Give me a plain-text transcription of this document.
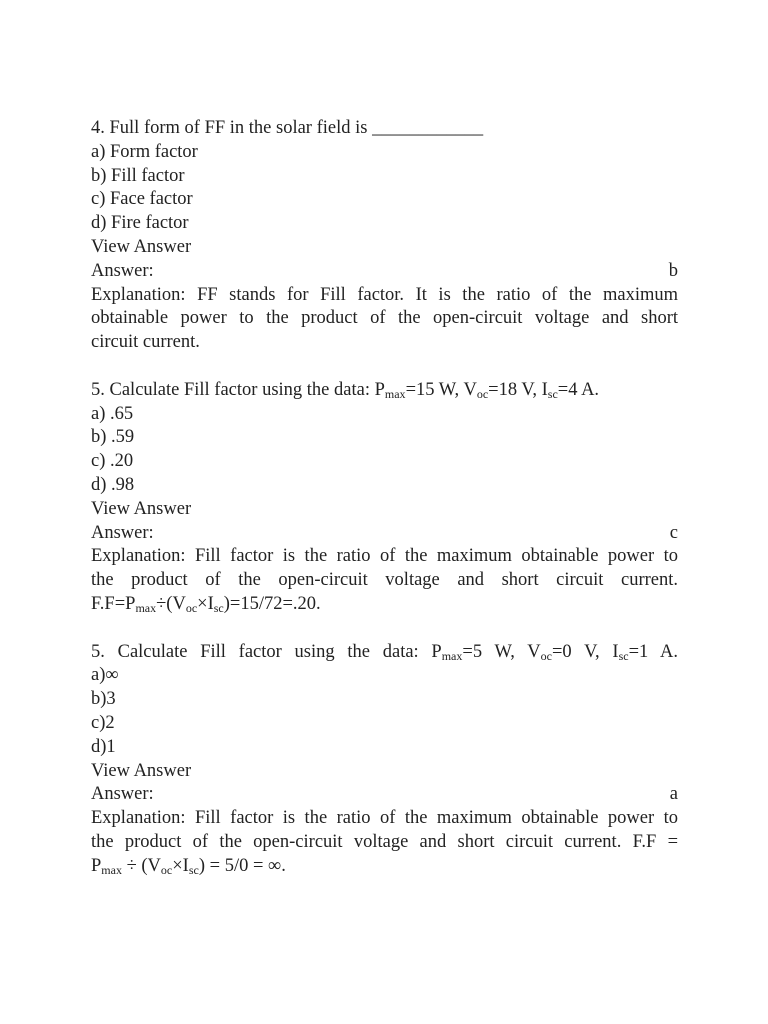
4. Full form of FF in the solar field is ____________
a) Form factor
b) Fill factor
c) Face factor
d) Fire factor
View Answer
Answer:	b
Explanation: FF stands for Fill factor. It is the ratio of the maximum
obtainable power to the product of the open-circuit voltage and short
circuit current.
5. Calculate Fill factor using the data: $P_{max}=15$ W, $V_{oc}=18$ V, $I_{sc}=4$ A.
a) .65
b) .59
c) .20
d) .98
View Answer
Answer:	c
Explanation: Fill factor is the ratio of the maximum obtainable power to
the product of the open-circuit voltage and short circuit current.
$F.F=P_{max}\div(V_{oc}\times I_{sc})=15/72=.20$.
5. Calculate Fill factor using the data: $P_{max}=5$ W, $V_{oc}=0$ V, $I_{sc}=1$ A.
a)∞
b)3
c)2
d)1
View Answer
Answer:	a
Explanation: Fill factor is the ratio of the maximum obtainable power to
the product of the open-circuit voltage and short circuit current. F.F =
$P_{max} \div (V_{oc}\times I_{sc}) = 5/0$ = ∞.
